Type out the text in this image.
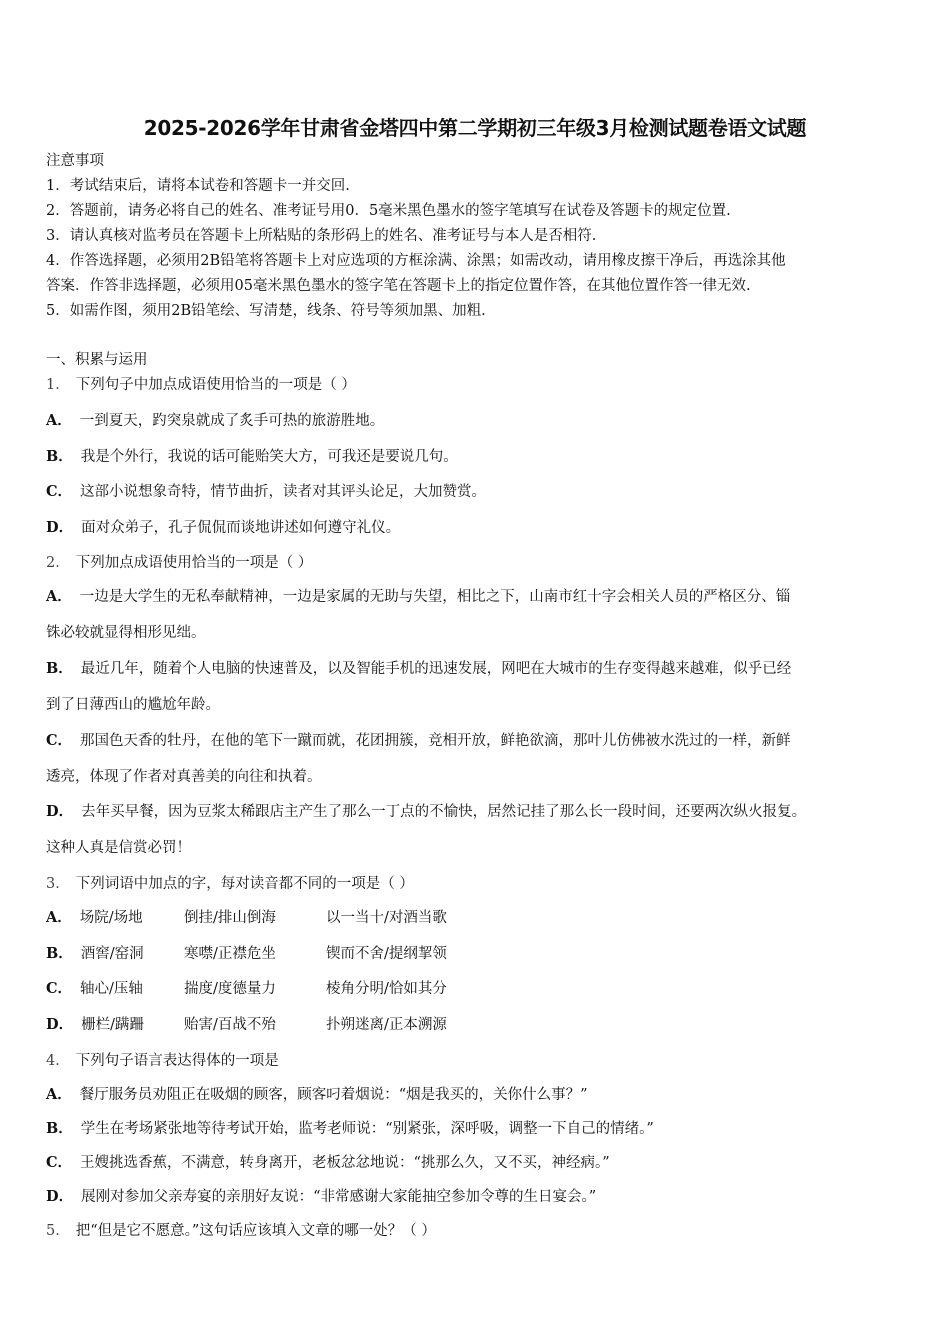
2025-2026学年甘肃省金塔四中第二学期初三年级3月检测试题卷语文试题
注意事项
1．考试结束后，请将本试卷和答题卡一并交回.
2．答题前，请务必将自己的姓名、准考证号用0．5毫米黑色墨水的签字笔填写在试卷及答题卡的规定位置.
3．请认真核对监考员在答题卡上所粘贴的条形码上的姓名、准考证号与本人是否相符.
4．作答选择题，必须用2B铅笔将答题卡上对应选项的方框涂满、涂黑；如需改动，请用橡皮擦干净后，再选涂其他
答案．作答非选择题，必须用05毫米黑色墨水的签字笔在答题卡上的指定位置作答，在其他位置作答一律无效.
5．如需作图，须用2B铅笔绘、写清楚，线条、符号等须加黑、加粗.
一、积累与运用
1． 下列句子中加点成语使用恰当的一项是（ ）
A． 一到夏天，趵突泉就成了炙手可热的旅游胜地。
B． 我是个外行，我说的话可能贻笑大方，可我还是要说几句。
C． 这部小说想象奇特，情节曲折，读者对其评头论足，大加赞赏。
D． 面对众弟子，孔子侃侃而谈地讲述如何遵守礼仪。
2． 下列加点成语使用恰当的一项是（ ）
A． 一边是大学生的无私奉献精神，一边是家属的无助与失望，相比之下，山南市红十字会相关人员的严格区分、锱
铢必较就显得相形见绌。
B． 最近几年，随着个人电脑的快速普及，以及智能手机的迅速发展，网吧在大城市的生存变得越来越难，似乎已经
到了日薄西山的尴尬年龄。
C． 那国色天香的牡丹，在他的笔下一蹴而就，花团拥簇，竞相开放，鲜艳欲滴，那叶儿仿佛被水洗过的一样，新鲜
透亮，体现了作者对真善美的向往和执着。
D． 去年买早餐，因为豆浆太稀跟店主产生了那么一丁点的不愉快，居然记挂了那么长一段时间，还要两次纵火报复。
这种人真是信赏必罚！
3． 下列词语中加点的字，每对读音都不同的一项是（ ）
A． 场院/场地	倒挂/排山倒海	以一当十/对酒当歌
B． 酒窖/窑洞	寒噤/正襟危坐	锲而不舍/提纲挈领
C． 轴心/压轴	揣度/度德量力	棱角分明/恰如其分
D． 栅栏/蹒跚	贻害/百战不殆	扑朔迷离/正本溯源
4． 下列句子语言表达得体的一项是
A． 餐厅服务员劝阻正在吸烟的顾客，顾客叼着烟说：“烟是我买的，关你什么事？”
B． 学生在考场紧张地等待考试开始，监考老师说：“别紧张，深呼吸，调整一下自己的情绪。”
C． 王嫂挑选香蕉，不满意，转身离开，老板忿忿地说：“挑那么久，又不买，神经病。”
D． 展刚对参加父亲寿宴的亲朋好友说：“非常感谢大家能抽空参加令尊的生日宴会。”
5． 把“但是它不愿意。”这句话应该填入文章的哪一处？（ ）
